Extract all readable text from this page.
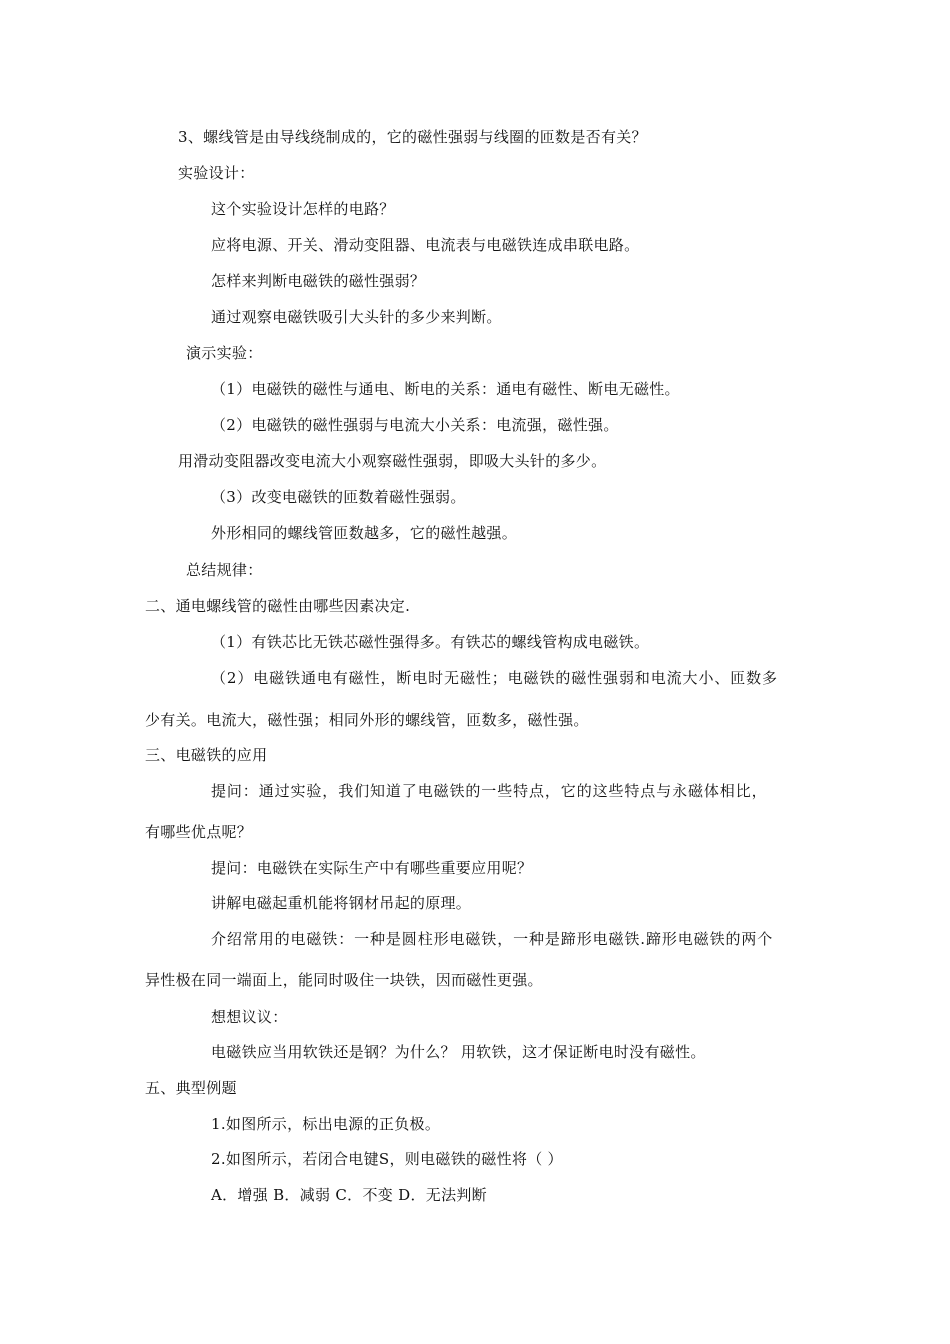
3、螺线管是由导线绕制成的，它的磁性强弱与线圈的匝数是否有关？
实验设计：
这个实验设计怎样的电路？
应将电源、开关、滑动变阻器、电流表与电磁铁连成串联电路。
怎样来判断电磁铁的磁性强弱？
通过观察电磁铁吸引大头针的多少来判断。
演示实验：
（1）电磁铁的磁性与通电、断电的关系：通电有磁性、断电无磁性。
（2）电磁铁的磁性强弱与电流大小关系：电流强，磁性强。
用滑动变阻器改变电流大小观察磁性强弱，即吸大头针的多少。
（3）改变电磁铁的匝数着磁性强弱。
外形相同的螺线管匝数越多，它的磁性越强。
总结规律：
二、通电螺线管的磁性由哪些因素决定.
（1）有铁芯比无铁芯磁性强得多。有铁芯的螺线管构成电磁铁。
（2）电磁铁通电有磁性，断电时无磁性；电磁铁的磁性强弱和电流大小、匝数多
少有关。电流大，磁性强；相同外形的螺线管，匝数多，磁性强。
三、电磁铁的应用
提问：通过实验，我们知道了电磁铁的一些特点，它的这些特点与永磁体相比，
有哪些优点呢？
提问：电磁铁在实际生产中有哪些重要应用呢？
讲解电磁起重机能将钢材吊起的原理。
介绍常用的电磁铁：一种是圆柱形电磁铁，一种是蹄形电磁铁.蹄形电磁铁的两个
异性极在同一端面上，能同时吸住一块铁，因而磁性更强。
想想议议：
电磁铁应当用软铁还是钢？为什么？ 用软铁，这才保证断电时没有磁性。
五、典型例题
1.如图所示，标出电源的正负极。
2.如图所示，若闭合电键S，则电磁铁的磁性将（ ）
A．增强 B．减弱 C．不变 D．无法判断
